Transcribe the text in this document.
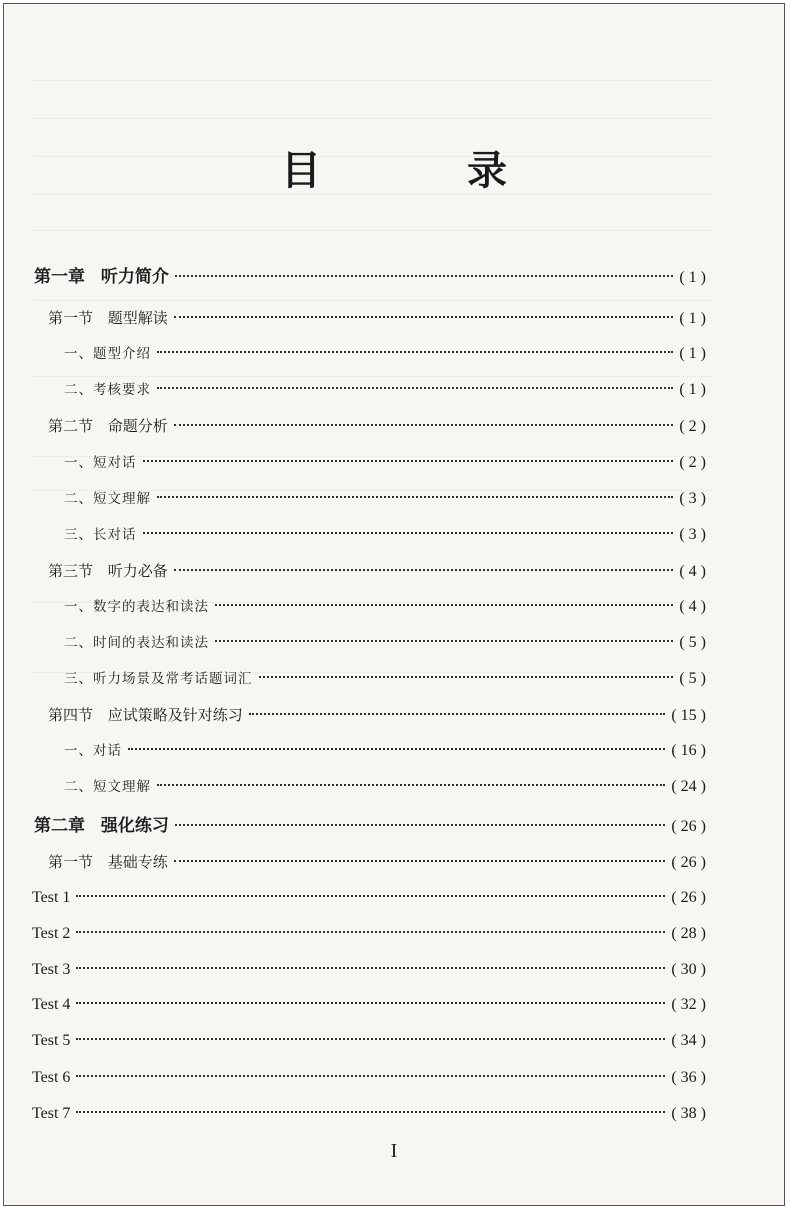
目 录
第一章 听力简介	( 1 )
第一节 题型解读	( 1 )
一、题型介绍	( 1 )
二、考核要求	( 1 )
第二节 命题分析	( 2 )
一、短对话	( 2 )
二、短文理解	( 3 )
三、长对话	( 3 )
第三节 听力必备	( 4 )
一、数字的表达和读法	( 4 )
二、时间的表达和读法	( 5 )
三、听力场景及常考话题词汇	( 5 )
第四节 应试策略及针对练习	( 15 )
一、对话	( 16 )
二、短文理解	( 24 )
第二章 强化练习	( 26 )
第一节 基础专练	( 26 )
Test 1	( 26 )
Test 2	( 28 )
Test 3	( 30 )
Test 4	( 32 )
Test 5	( 34 )
Test 6	( 36 )
Test 7	( 38 )
I
